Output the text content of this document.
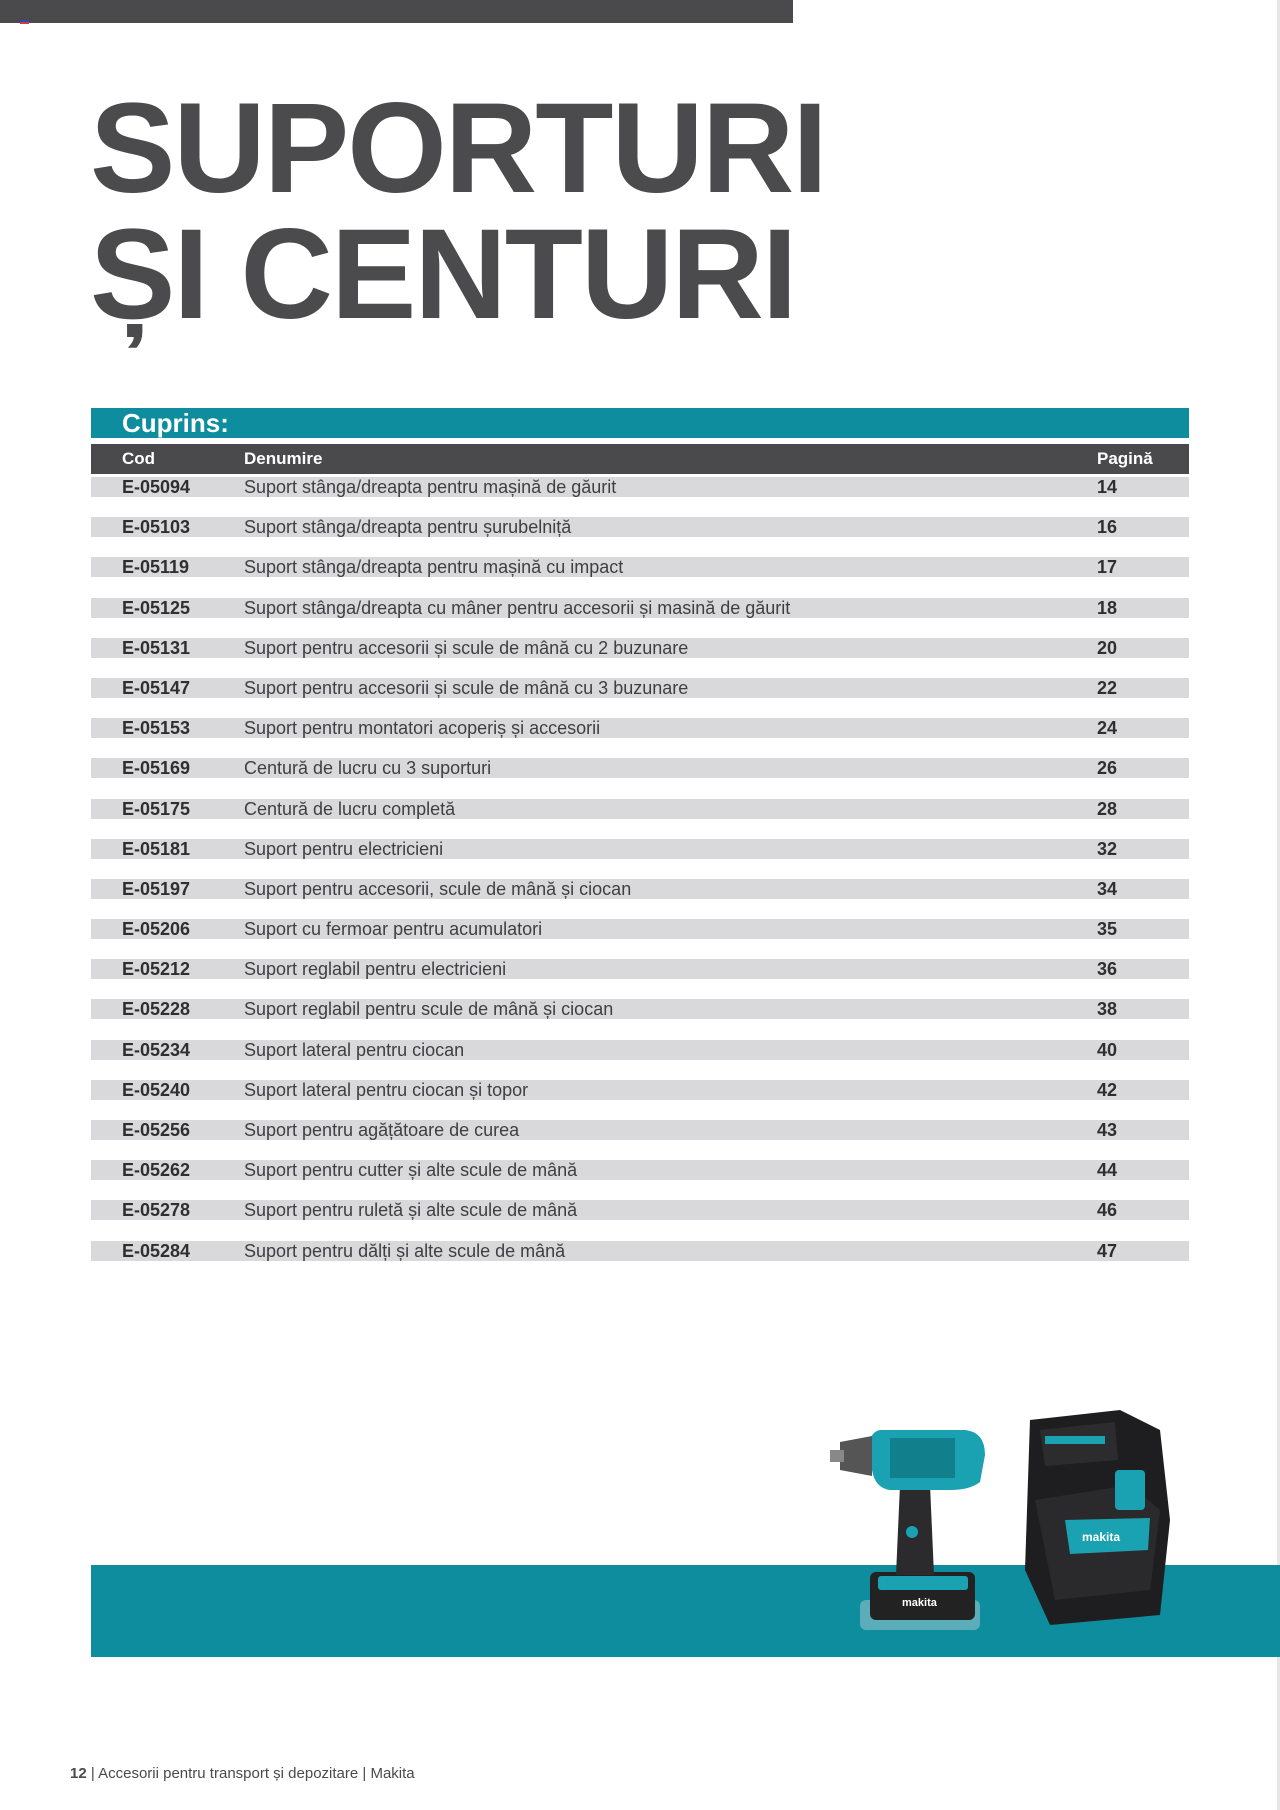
SUPORTURI
ȘI CENTURI
Cuprins:
Cod	Denumire	Pagină
E-05094	Suport stânga/dreapta pentru mașină de găurit	14
E-05103	Suport stânga/dreapta pentru șurubelniță	16
E-05119	Suport stânga/dreapta pentru mașină cu impact	17
E-05125	Suport stânga/dreapta cu mâner pentru accesorii și masină de găurit	18
E-05131	Suport pentru accesorii și scule de mână cu 2 buzunare	20
E-05147	Suport pentru accesorii și scule de mână cu 3 buzunare	22
E-05153	Suport pentru montatori acoperiș și accesorii	24
E-05169	Centură de lucru cu 3 suporturi	26
E-05175	Centură de lucru completă	28
E-05181	Suport pentru electricieni	32
E-05197	Suport pentru accesorii, scule de mână și ciocan	34
E-05206	Suport cu fermoar pentru acumulatori	35
E-05212	Suport reglabil pentru electricieni	36
E-05228	Suport reglabil pentru scule de mână și ciocan	38
E-05234	Suport lateral pentru ciocan	40
E-05240	Suport lateral pentru ciocan și topor	42
E-05256	Suport pentru agățătoare de curea	43
E-05262	Suport pentru cutter și alte scule de mână	44
E-05278	Suport pentru ruletă și alte scule de mână	46
E-05284	Suport pentru dălți și alte scule de mână	47
makita
makita
12 | Accesorii pentru transport și depozitare | Makita
